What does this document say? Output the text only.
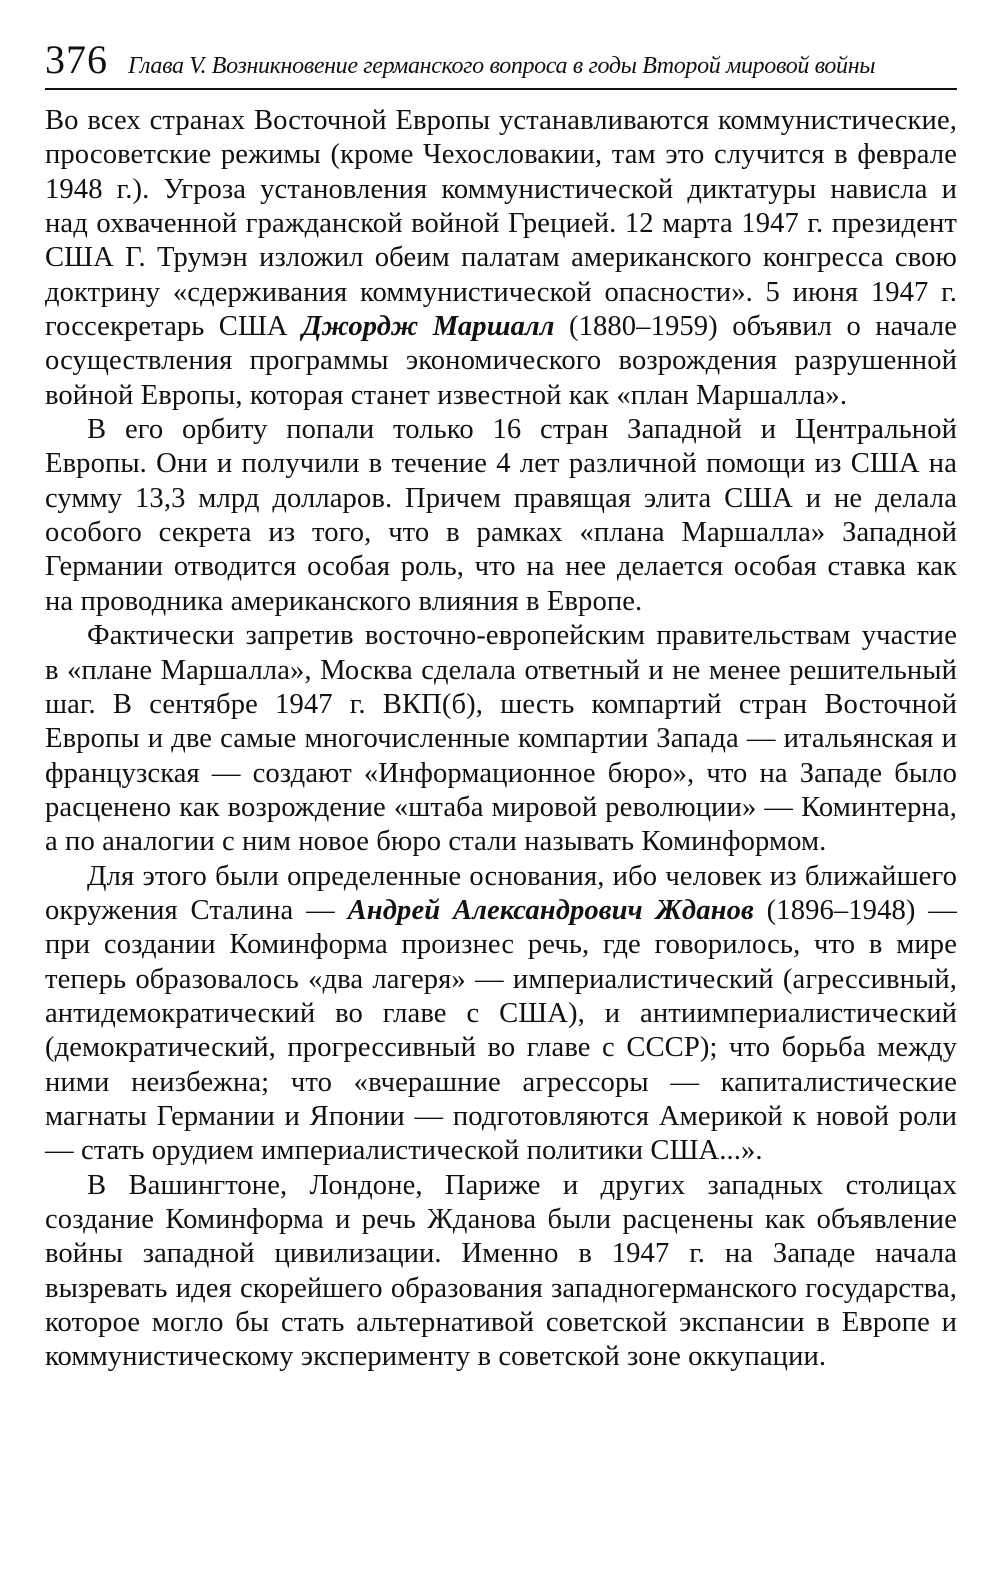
376 Глава V. Возникновение германского вопроса в годы Второй мировой войны

Во всех странах Восточной Европы устанавливаются коммунистические, просоветские режимы (кроме Чехословакии, там это случится в феврале 1948 г.). Угроза установления коммунистической диктатуры нависла и над охваченной гражданской войной Грецией. 12 марта 1947 г. президент США Г. Трумэн изложил обеим палатам американского конгресса свою доктрину «сдерживания коммунистической опасности». 5 июня 1947 г. госсекретарь США Джордж Маршалл (1880–1959) объявил о начале осуществления программы экономического возрождения разрушенной войной Европы, которая станет известной как «план Маршалла».

В его орбиту попали только 16 стран Западной и Центральной Европы. Они и получили в течение 4 лет различной помощи из США на сумму 13,3 млрд долларов. Причем правящая элита США и не делала особого секрета из того, что в рамках «плана Маршалла» Западной Германии отводится особая роль, что на нее делается особая ставка как на проводника американского влияния в Европе.

Фактически запретив восточно-европейским правительствам участие в «плане Маршалла», Москва сделала ответный и не менее решительный шаг. В сентябре 1947 г. ВКП(б), шесть компартий стран Восточной Европы и две самые многочисленные компартии Запада — итальянская и французская — создают «Информационное бюро», что на Западе было расценено как возрождение «штаба мировой революции» — Коминтерна, а по аналогии с ним новое бюро стали называть Коминформом.

Для этого были определенные основания, ибо человек из ближайшего окружения Сталина — Андрей Александрович Жданов (1896–1948) — при создании Коминформа произнес речь, где говорилось, что в мире теперь образовалось «два лагеря» — империалистический (агрессивный, антидемократический во главе с США), и антиимпериалистический (демократический, прогрессивный во главе с СССР); что борьба между ними неизбежна; что «вчерашние агрессоры — капиталистические магнаты Германии и Японии — подготовляются Америкой к новой роли — стать орудием империалистической политики США...».

В Вашингтоне, Лондоне, Париже и других западных столицах создание Коминформа и речь Жданова были расценены как объявление войны западной цивилизации. Именно в 1947 г. на Западе начала вызревать идея скорейшего образования западногерманского государства, которое могло бы стать альтернативой советской экспансии в Европе и коммунистическому эксперименту в советской зоне оккупации.
